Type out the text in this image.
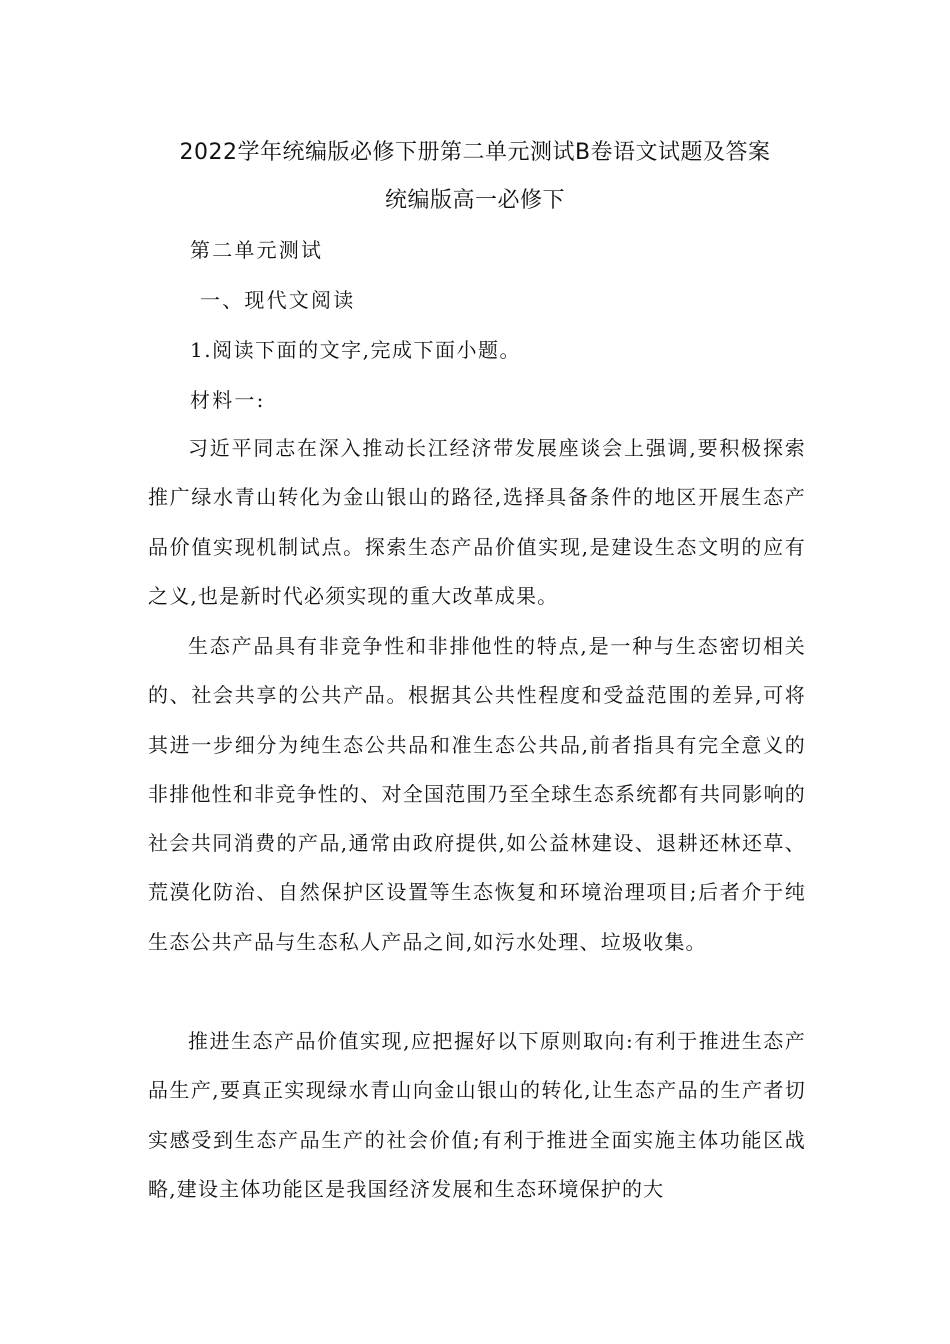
2022学年统编版必修下册第二单元测试B卷语文试题及答案
统编版高一必修下
第二单元测试
一、现代文阅读
1.阅读下面的文字,完成下面小题。
材料一:

习近平同志在深入推动长江经济带发展座谈会上强调,要积极探索推广绿水青山转化为金山银山的路径,选择具备条件的地区开展生态产品价值实现机制试点。探索生态产品价值实现,是建设生态文明的应有之义,也是新时代必须实现的重大改革成果。

生态产品具有非竞争性和非排他性的特点,是一种与生态密切相关的、社会共享的公共产品。根据其公共性程度和受益范围的差异,可将其进一步细分为纯生态公共品和准生态公共品,前者指具有完全意义的非排他性和非竞争性的、对全国范围乃至全球生态系统都有共同影响的社会共同消费的产品,通常由政府提供,如公益林建设、退耕还林还草、荒漠化防治、自然保护区设置等生态恢复和环境治理项目;后者介于纯生态公共产品与生态私人产品之间,如污水处理、垃圾收集。

推进生态产品价值实现,应把握好以下原则取向:有利于推进生态产品生产,要真正实现绿水青山向金山银山的转化,让生态产品的生产者切实感受到生态产品生产的社会价值;有利于推进全面实施主体功能区战略,建设主体功能区是我国经济发展和生态环境保护的大
